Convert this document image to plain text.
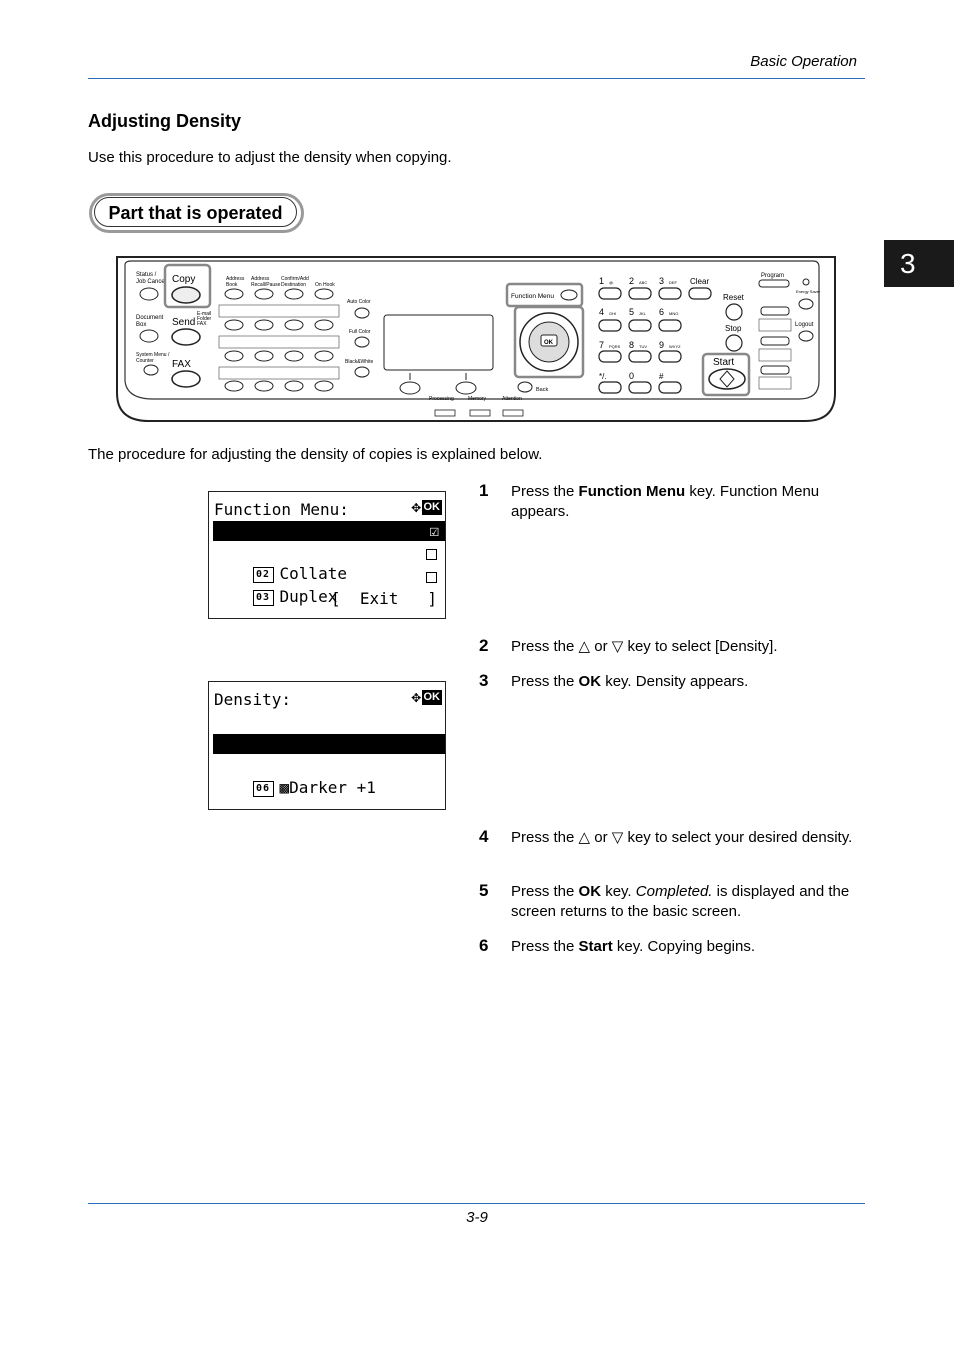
Basic Operation
3
Adjusting Density
Use this procedure to adjust the density when copying.
Part that is operated
Status /
Job Cancel Copy
Document
Box	Send
E-mail
Folder
FAX
System Menu /
Counter FAX
Address
Book
Address
Recall/Pause
Confirm/Add
Destination On Hook
Auto Color
Full Color
Black&White
Processing	Memory	Attention
Function Menu
OK
Back
1	2	3	Clear
4	5	6
7	8	9
*/. 0	#
Reset
Stop
Start
Program
Energy Saver
Logout
@.	ABC	DEF
GHI	JKL	MNO
PQRS	TUV	WXYZ
The procedure for adjusting the density of copies is explained below.
Function Menu:	✥ OK

01 Paper Selection

☑

02 Collate

03 Duplex

[  Exit   ]
Density:	✥ OK

05 ▦Normal 0

06 ▩Darker +1

1 Press the Function Menu key. Function Menu appears.
2 Press the △ or ▽ key to select [Density].
3 Press the OK key. Density appears.
4 Press the △ or ▽ key to select your desired density.
5 Press the OK key. Completed. is displayed and the screen returns to the basic screen.
6 Press the Start key. Copying begins.
3-9
